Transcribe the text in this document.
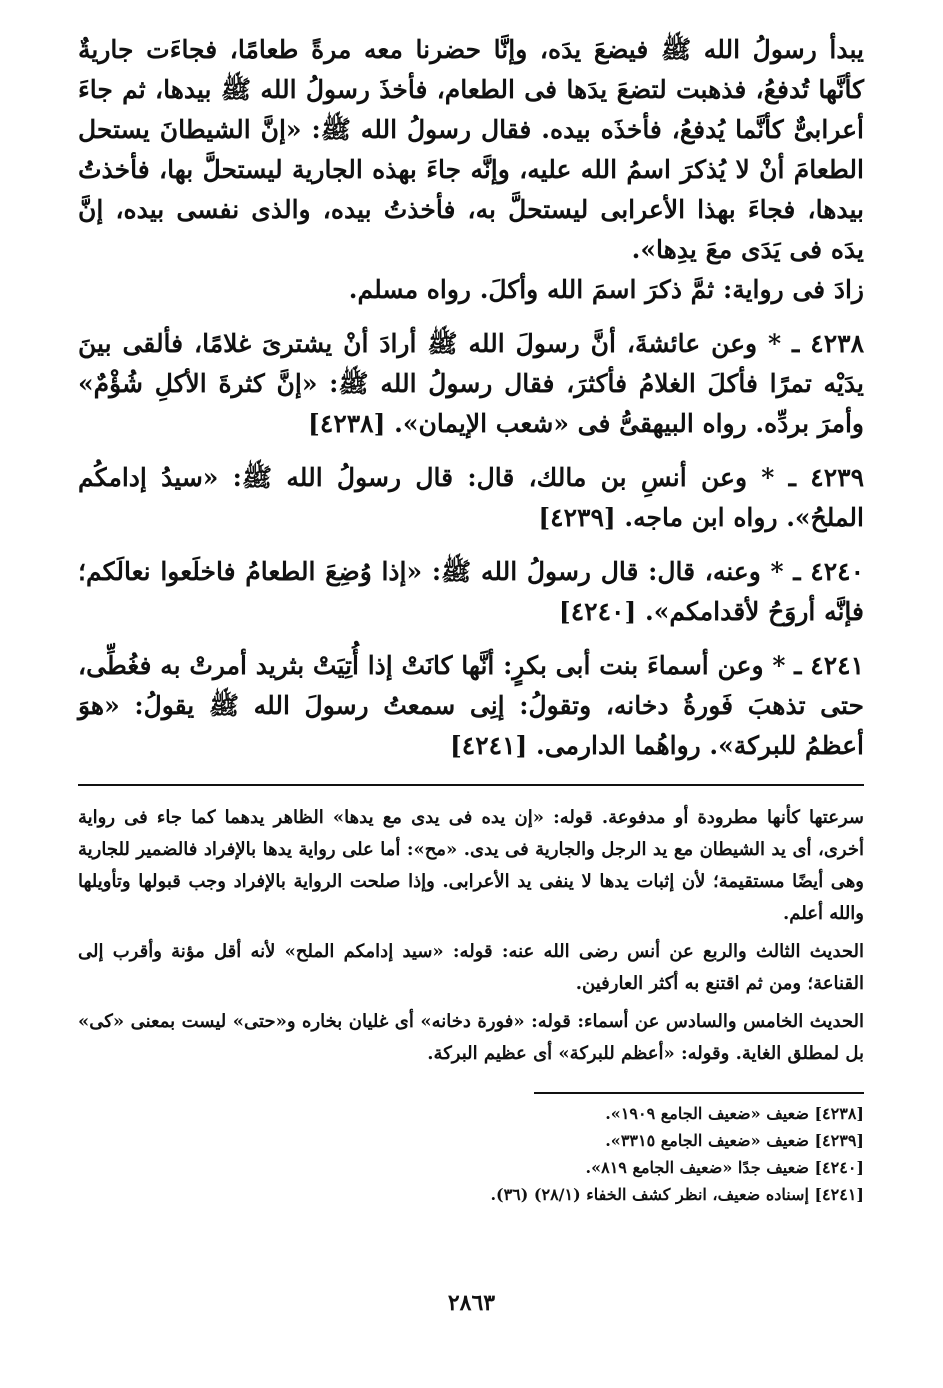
يبدأ رسولُ الله ﷺ فيضعَ يدَه، وإنَّا حضرنا معه مرةً طعامًا، فجاءَت جاريةٌ كأنَّها تُدفعُ، فذهبت لتضعَ يدَها فى الطعام، فأخذَ رسولُ الله ﷺ بيدها، ثم جاءَ أعرابىٌّ كأنَّما يُدفعُ، فأخذَه بيده. فقال رسولُ الله ﷺ: «إنَّ الشيطانَ يستحل الطعامَ أنْ لا يُذكرَ اسمُ الله عليه، وإنَّه جاءَ بهذه الجارية ليستحلَّ بها، فأخذتُ بيدها، فجاءَ بهذا الأعرابى ليستحلَّ به، فأخذتُ بيده، والذى نفسى بيده، إنَّ يدَه فى يَدَى معَ يدِها».

زادَ فى رواية: ثمَّ ذكرَ اسمَ الله وأكلَ. رواه مسلم.

٤٢٣٨ ـ * وعن عائشةَ، أنَّ رسولَ الله ﷺ أرادَ أنْ يشترىَ غلامًا، فألقى بينَ يدَيْه تمرًا فأكلَ الغلامُ فأكثرَ، فقال رسولُ الله ﷺ: «إنَّ كثرةَ الأكلِ شُؤْمٌ» وأمرَ بردِّه. رواه البيهقىُّ فى «شعب الإيمان». [٤٢٣٨]

٤٢٣٩ ـ * وعن أنسِ بن مالك، قال: قال رسولُ الله ﷺ: «سيدُ إدامكُم الملحُ». رواه ابن ماجه. [٤٢٣٩]

٤٢٤٠ ـ * وعنه، قال: قال رسولُ الله ﷺ: «إذا وُضِعَ الطعامُ فاخلَعوا نعالَكم؛ فإنَّه أروَحُ لأقدامكم». [٤٢٤٠]

٤٢٤١ ـ * وعن أسماءَ بنت أبى بكرٍ: أنَّها كانَتْ إذا أُتِيَتْ بثريد أمرتْ به فغُطِّى، حتى تذهبَ فَورةُ دخانه، وتقولُ: إنِى سمعتُ رسولَ الله ﷺ يقولُ: «هوَ أعظمُ للبركة». رواهُما الدارمى. [٤٢٤١]

سرعتها كأنها مطرودة أو مدفوعة. قوله: «إن يده فى يدى مع يدها» الظاهر يدهما كما جاء فى رواية أخرى، أى يد الشيطان مع يد الرجل والجارية فى يدى. «مح»: أما على رواية يدها بالإفراد فالضمير للجارية وهى أيضًا مستقيمة؛ لأن إثبات يدها لا ينفى يد الأعرابى. وإذا صلحت الرواية بالإفراد وجب قبولها وتأويلها والله أعلم.

الحديث الثالث والربع عن أنس رضى الله عنه: قوله: «سيد إدامكم الملح» لأنه أقل مؤنة وأقرب إلى القناعة؛ ومن ثم اقتنع به أكثر العارفين.

الحديث الخامس والسادس عن أسماء: قوله: «فورة دخانه» أى غليان بخاره و«حتى» ليست بمعنى «كى» بل لمطلق الغاية. وقوله: «أعظم للبركة» أى عظيم البركة.

[٤٢٣٨] ضعيف «ضعيف الجامع ١٩٠٩».

[٤٢٣٩] ضعيف «ضعيف الجامع ٣٣١٥».

[٤٢٤٠] ضعيف جدًا «ضعيف الجامع ٨١٩».

[٤٢٤١] إسناده ضعيف، انظر كشف الخفاء (٢٨/١) (٣٦).

٢٨٦٣
